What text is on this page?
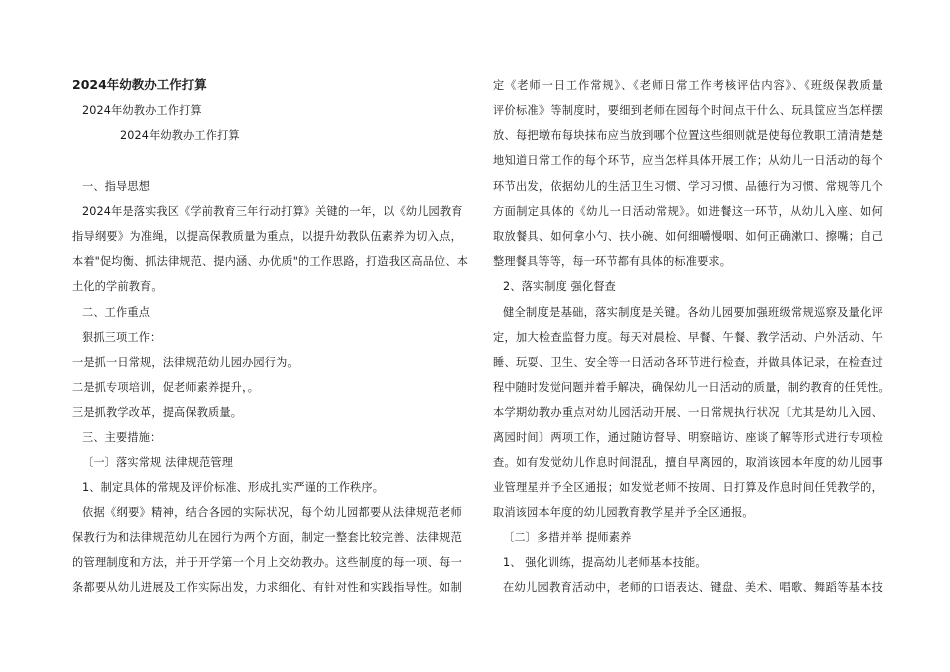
2024年幼教办工作打算
2024年幼教办工作打算
2024年幼教办工作打算
一、指导思想
2024年是落实我区《学前教育三年行动打算》关键的一年，以《幼儿园教育
指导纲要》为准绳，以提高保教质量为重点，以提升幼教队伍素养为切入点，
本着"促均衡、抓法律规范、提内涵、办优质"的工作思路，打造我区高品位、本
土化的学前教育。
二、工作重点
狠抓三项工作：
一是抓一日常规，法律规范幼儿园办园行为。
二是抓专项培训，促老师素养提升，。
三是抓教学改革，提高保教质量。
三、主要措施：
〔一〕落实常规 法律规范管理
1、制定具体的常规及评价标准、形成扎实严谨的工作秩序。
依据《纲要》精神，结合各园的实际状况，每个幼儿园都要从法律规范老师
保教行为和法律规范幼儿在园行为两个方面，制定一整套比较完善、法律规范
的管理制度和方法，并于开学第一个月上交幼教办。这些制度的每一项、每一
条都要从幼儿进展及工作实际出发，力求细化、有针对性和实践指导性。如制
定《老师一日工作常规》、《老师日常工作考核评估内容》、《班级保教质量
评价标准》等制度时，要细到老师在园每个时间点干什么、玩具筐应当怎样摆
放、每把墩布每块抹布应当放到哪个位置这些细则就是使每位教职工清清楚楚
地知道日常工作的每个环节，应当怎样具体开展工作；从幼儿一日活动的每个
环节出发，依据幼儿的生活卫生习惯、学习习惯、品德行为习惯、常规等几个
方面制定具体的《幼儿一日活动常规》。如进餐这一环节，从幼儿入座、如何
取放餐具、如何拿小勺、扶小碗、如何细嚼慢咽、如何正确漱口、擦嘴；自己
整理餐具等等，每一环节都有具体的标准要求。
2、落实制度 强化督查
健全制度是基础，落实制度是关键。各幼儿园要加强班级常规巡察及量化评
定，加大检查监督力度。每天对晨检、早餐、午餐、教学活动、户外活动、午
睡、玩耍、卫生、安全等一日活动各环节进行检查，并做具体记录，在检查过
程中随时发觉问题并着手解决，确保幼儿一日活动的质量，制约教育的任凭性。
本学期幼教办重点对幼儿园活动开展、一日常规执行状况〔尤其是幼儿入园、
离园时间〕两项工作，通过随访督导、明察暗访、座谈了解等形式进行专项检
查。如有发觉幼儿作息时间混乱，擅自早离园的，取消该园本年度的幼儿园事
业管理星并予全区通报；如发觉老师不按周、日打算及作息时间任凭教学的，
取消该园本年度的幼儿园教育教学星并予全区通报。
〔二〕多措并举 提师素养
1、 强化训练，提高幼儿老师基本技能。
在幼儿园教育活动中，老师的口语表达、键盘、美术、唱歌、舞蹈等基本技
